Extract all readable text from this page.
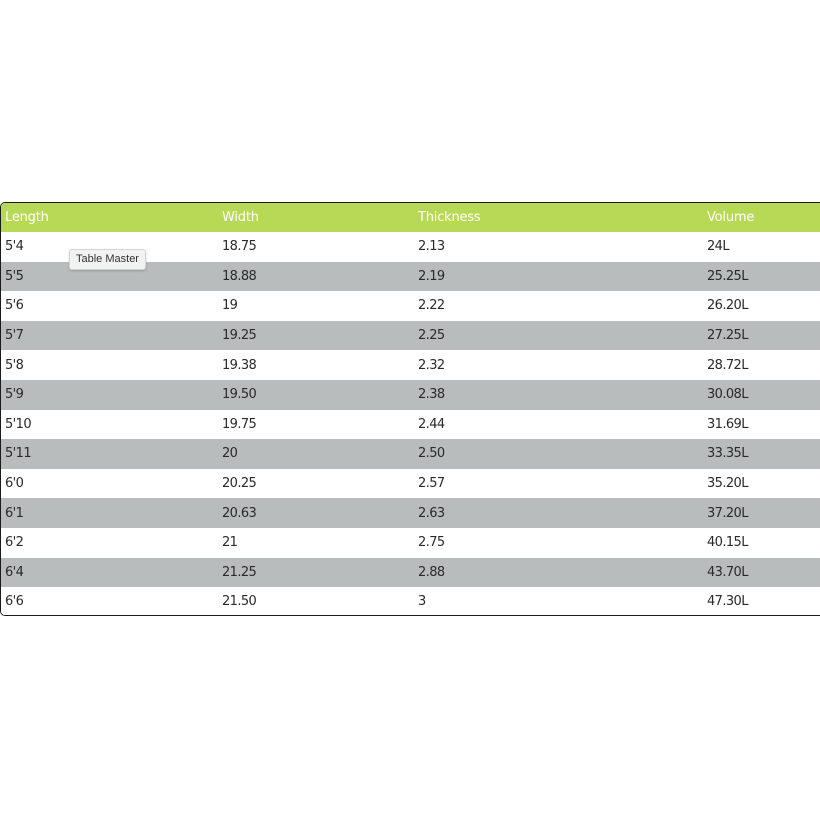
Length	Width	Thickness	Volume
5'4	18.75	2.13	24L
5'5	18.88	2.19	25.25L
5'6	19	2.22	26.20L
5'7	19.25	2.25	27.25L
5'8	19.38	2.32	28.72L
5'9	19.50	2.38	30.08L
5'10	19.75	2.44	31.69L
5'11	20	2.50	33.35L
6'0	20.25	2.57	35.20L
6'1	20.63	2.63	37.20L
6'2	21	2.75	40.15L
6'4	21.25	2.88	43.70L
6'6	21.50	3	47.30L
Table Master
